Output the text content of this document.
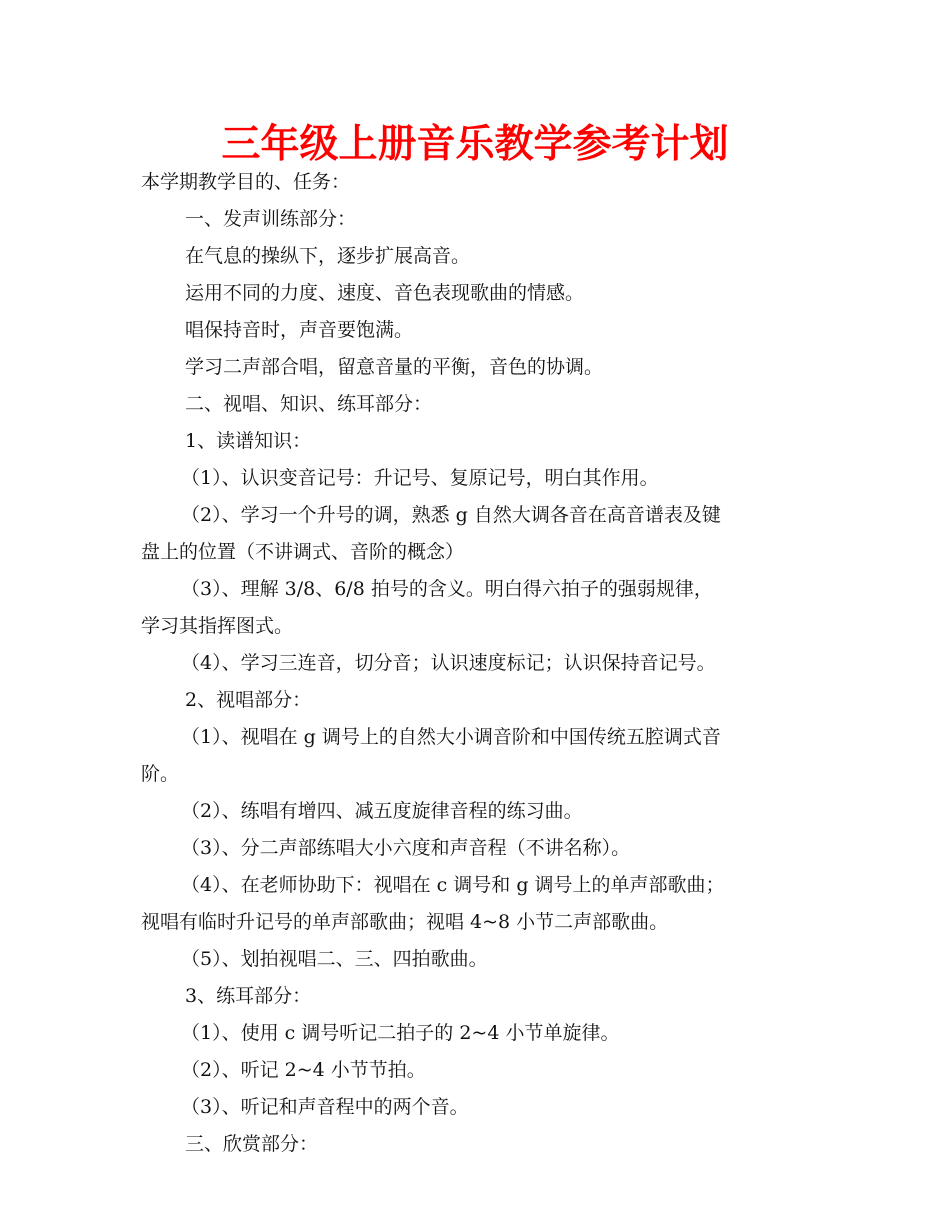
三年级上册音乐教学参考计划

本学期教学目的、任务：

一、发声训练部分：

在气息的操纵下，逐步扩展高音。

运用不同的力度、速度、音色表现歌曲的情感。

唱保持音时，声音要饱满。

学习二声部合唱，留意音量的平衡，音色的协调。

二、视唱、知识、练耳部分：

1、读谱知识：

（1）、认识变音记号：升记号、复原记号，明白其作用。

（2）、学习一个升号的调，熟悉 g 自然大调各音在高音谱表及键

盘上的位置（不讲调式、音阶的概念）

（3）、理解 3/8、6/8 拍号的含义。明白得六拍子的强弱规律，

学习其指挥图式。

（4）、学习三连音，切分音；认识速度标记；认识保持音记号。

2、视唱部分：

（1）、视唱在 g 调号上的自然大小调音阶和中国传统五腔调式音

阶。

（2）、练唱有增四、减五度旋律音程的练习曲。

（3）、分二声部练唱大小六度和声音程（不讲名称）。

（4）、在老师协助下：视唱在 c 调号和 g 调号上的单声部歌曲；

视唱有临时升记号的单声部歌曲；视唱 4~8 小节二声部歌曲。

（5）、划拍视唱二、三、四拍歌曲。

3、练耳部分：

（1）、使用 c 调号听记二拍子的 2~4 小节单旋律。

（2）、听记 2~4 小节节拍。

（3）、听记和声音程中的两个音。

三、欣赏部分：
